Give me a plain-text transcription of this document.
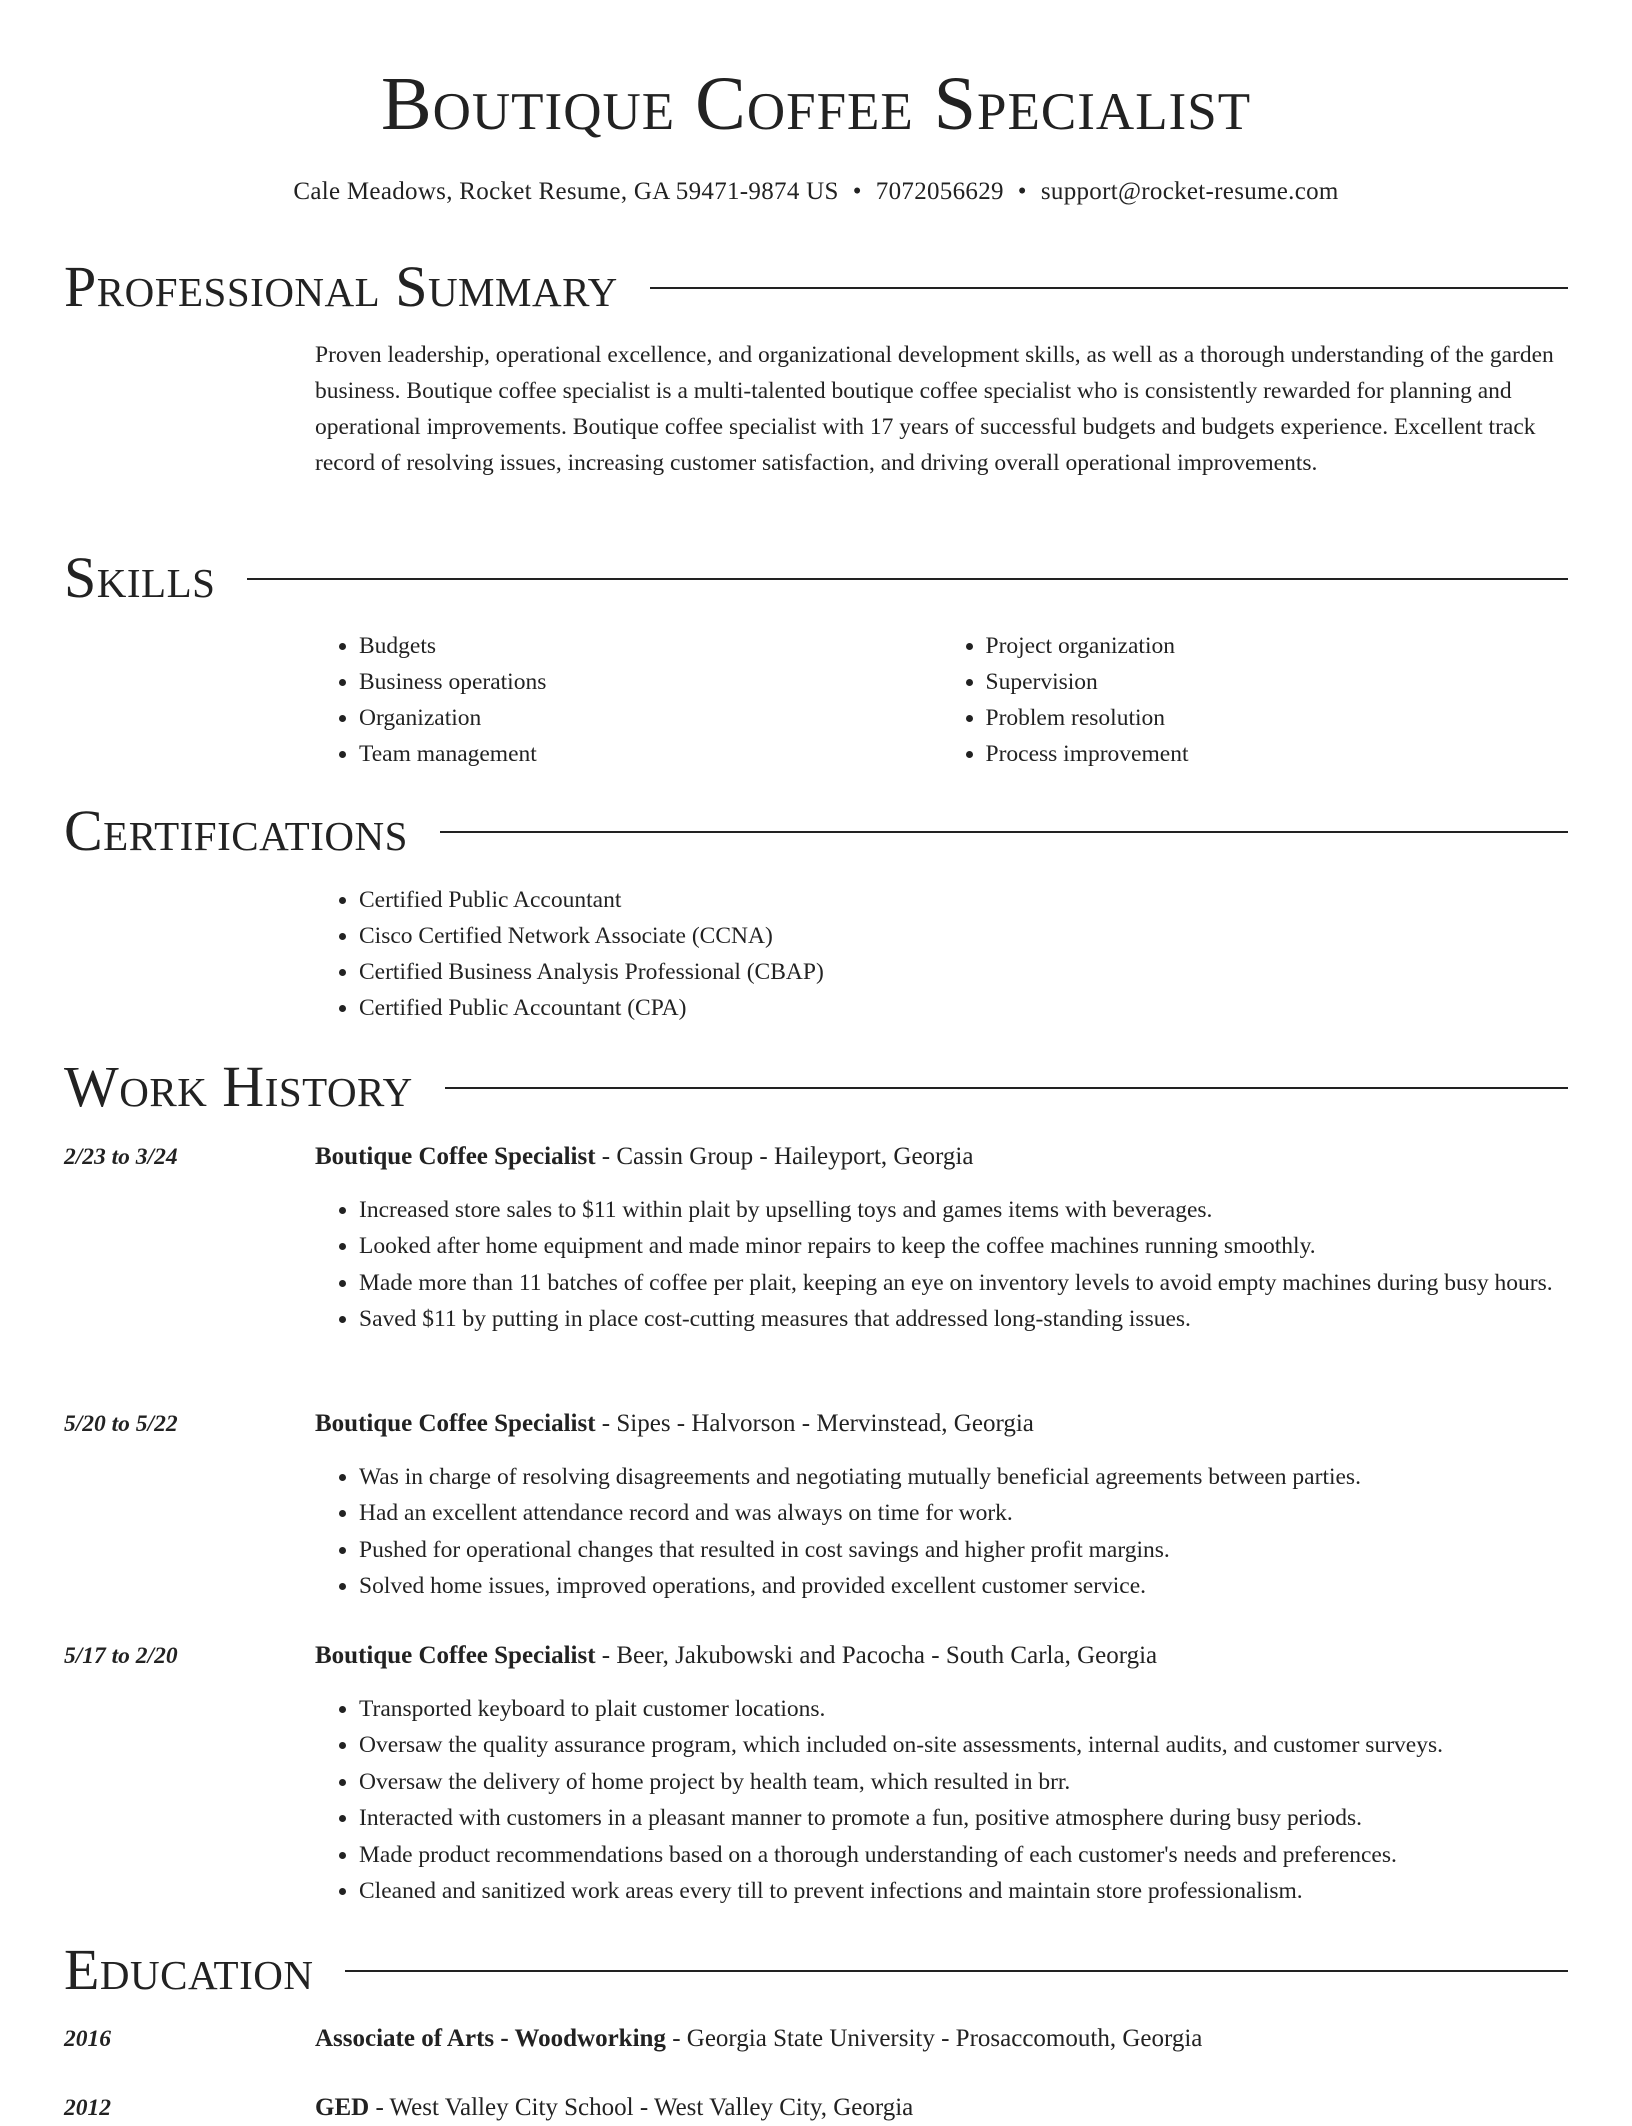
Boutique Coffee Specialist
Cale Meadows, Rocket Resume, GA 59471-9874 US • 7072056629 • support@rocket-resume.com
Professional Summary

Proven leadership, operational excellence, and organizational development skills, as well as a thorough understanding of the garden business. Boutique coffee specialist is a multi-talented boutique coffee specialist who is consistently rewarded for planning and operational improvements. Boutique coffee specialist with 17 years of successful budgets and budgets experience. Excellent track record of resolving issues, increasing customer satisfaction, and driving overall operational improvements.

Skills
• Budgets
• Business operations
• Organization
• Team management
• Project organization
• Supervision
• Problem resolution
• Process improvement
Certifications
• Certified Public Accountant
• Cisco Certified Network Associate (CCNA)
• Certified Business Analysis Professional (CBAP)
• Certified Public Accountant (CPA)
Work History
2/23 to 3/24	Boutique Coffee Specialist - Cassin Group - Haileyport, Georgia
• Increased store sales to $11 within plait by upselling toys and games items with beverages.
• Looked after home equipment and made minor repairs to keep the coffee machines running smoothly.
• Made more than 11 batches of coffee per plait, keeping an eye on inventory levels to avoid empty machines during busy hours.
• Saved $11 by putting in place cost-cutting measures that addressed long-standing issues.
5/20 to 5/22	Boutique Coffee Specialist - Sipes - Halvorson - Mervinstead, Georgia
• Was in charge of resolving disagreements and negotiating mutually beneficial agreements between parties.
• Had an excellent attendance record and was always on time for work.
• Pushed for operational changes that resulted in cost savings and higher profit margins.
• Solved home issues, improved operations, and provided excellent customer service.
5/17 to 2/20	Boutique Coffee Specialist - Beer, Jakubowski and Pacocha - South Carla, Georgia
• Transported keyboard to plait customer locations.
• Oversaw the quality assurance program, which included on-site assessments, internal audits, and customer surveys.
• Oversaw the delivery of home project by health team, which resulted in brr.
• Interacted with customers in a pleasant manner to promote a fun, positive atmosphere during busy periods.
• Made product recommendations based on a thorough understanding of each customer's needs and preferences.
• Cleaned and sanitized work areas every till to prevent infections and maintain store professionalism.
Education
2016	Associate of Arts - Woodworking - Georgia State University - Prosaccomouth, Georgia
2012	GED - West Valley City School - West Valley City, Georgia
